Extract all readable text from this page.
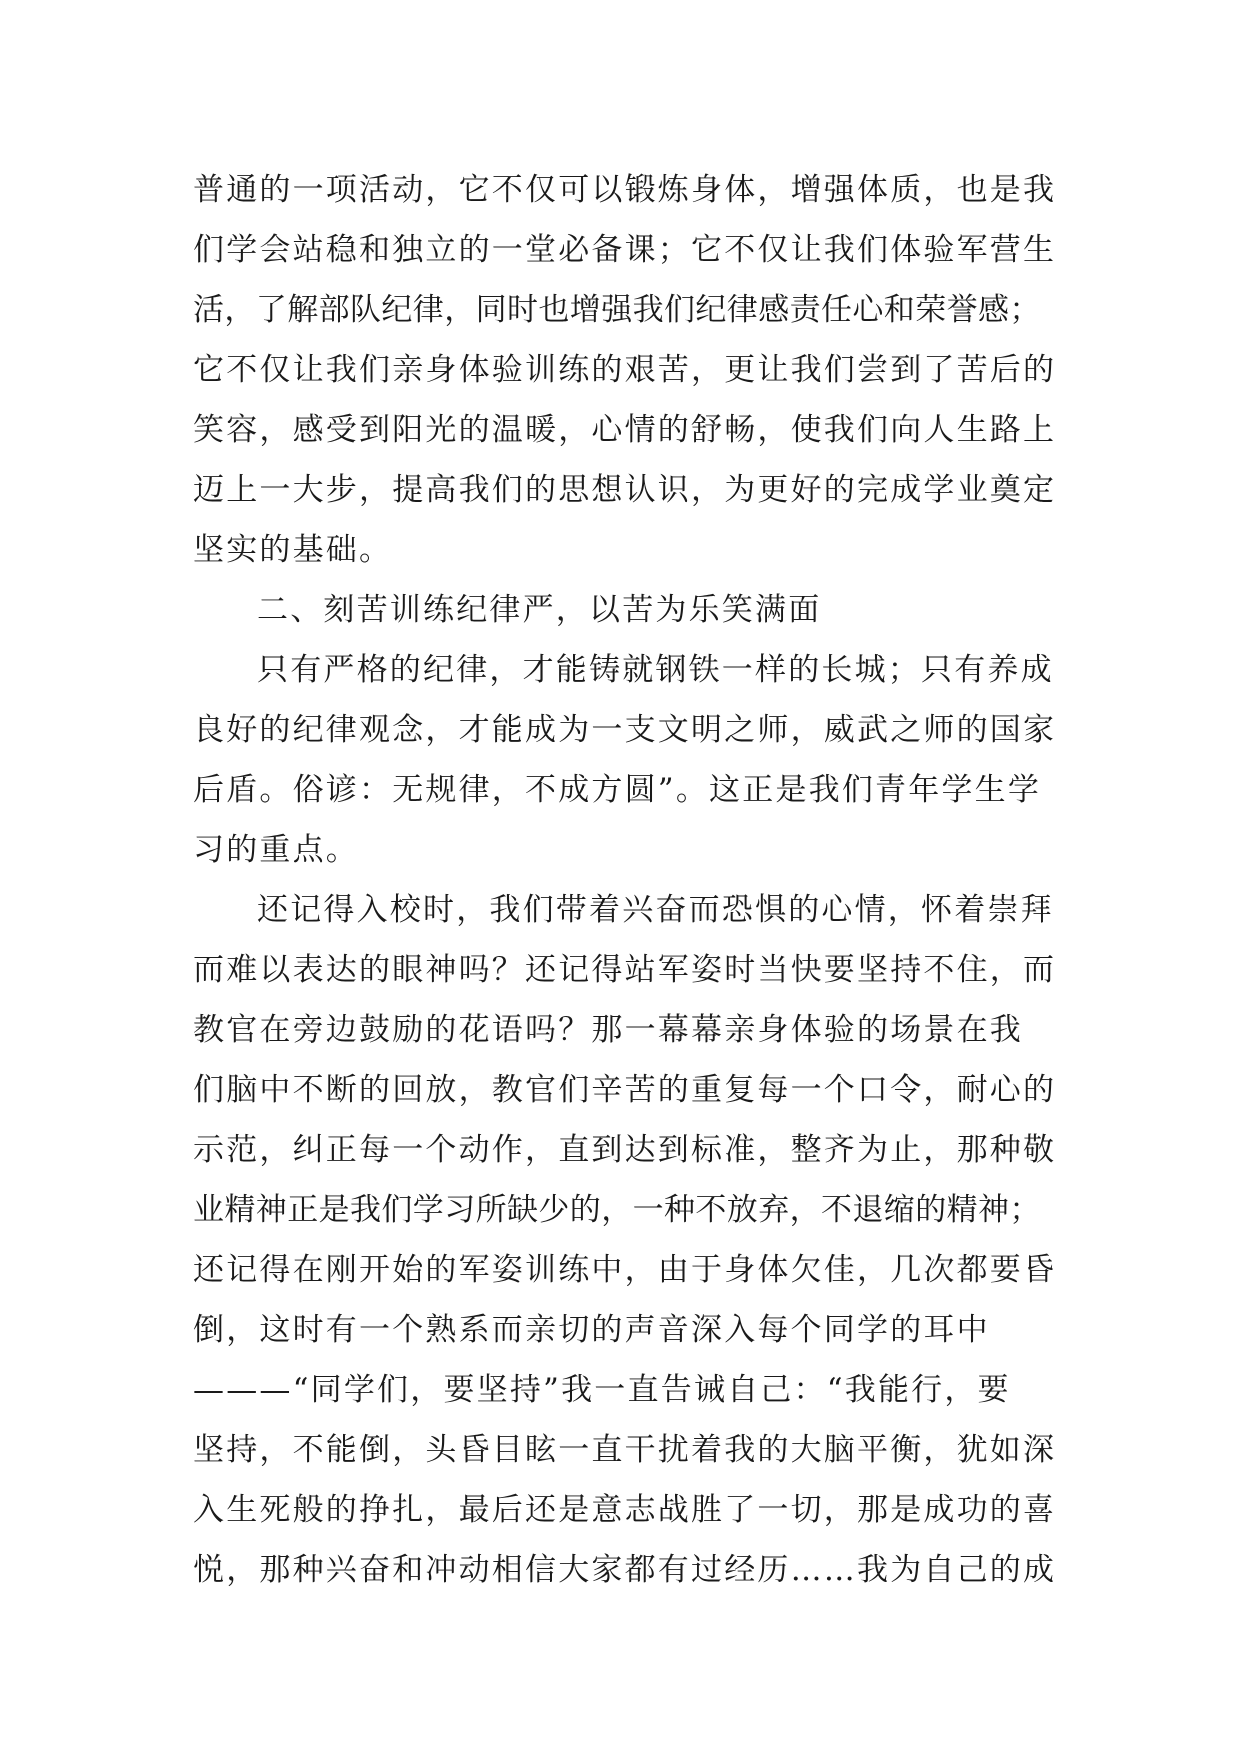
普通的一项活动，它不仅可以锻炼身体，增强体质，也是我
们学会站稳和独立的一堂必备课；它不仅让我们体验军营生
活，了解部队纪律，同时也增强我们纪律感责任心和荣誉感；
它不仅让我们亲身体验训练的艰苦，更让我们尝到了苦后的
笑容，感受到阳光的温暖，心情的舒畅，使我们向人生路上
迈上一大步，提高我们的思想认识，为更好的完成学业奠定
坚实的基础。
二、刻苦训练纪律严，以苦为乐笑满面
只有严格的纪律，才能铸就钢铁一样的长城；只有养成
良好的纪律观念，才能成为一支文明之师，威武之师的国家
后盾。俗谚：无规律，不成方圆”。这正是我们青年学生学
习的重点。
还记得入校时，我们带着兴奋而恐惧的心情，怀着崇拜
而难以表达的眼神吗？还记得站军姿时当快要坚持不住，而
教官在旁边鼓励的花语吗？那一幕幕亲身体验的场景在我
们脑中不断的回放，教官们辛苦的重复每一个口令，耐心的
示范，纠正每一个动作，直到达到标准，整齐为止，那种敬
业精神正是我们学习所缺少的，一种不放弃，不退缩的精神；
还记得在刚开始的军姿训练中，由于身体欠佳，几次都要昏
倒，这时有一个熟系而亲切的声音深入每个同学的耳中
———“同学们，要坚持”我一直告诫自己：“我能行，要
坚持，不能倒，头昏目眩一直干扰着我的大脑平衡，犹如深
入生死般的挣扎，最后还是意志战胜了一切，那是成功的喜
悦，那种兴奋和冲动相信大家都有过经历……我为自己的成
